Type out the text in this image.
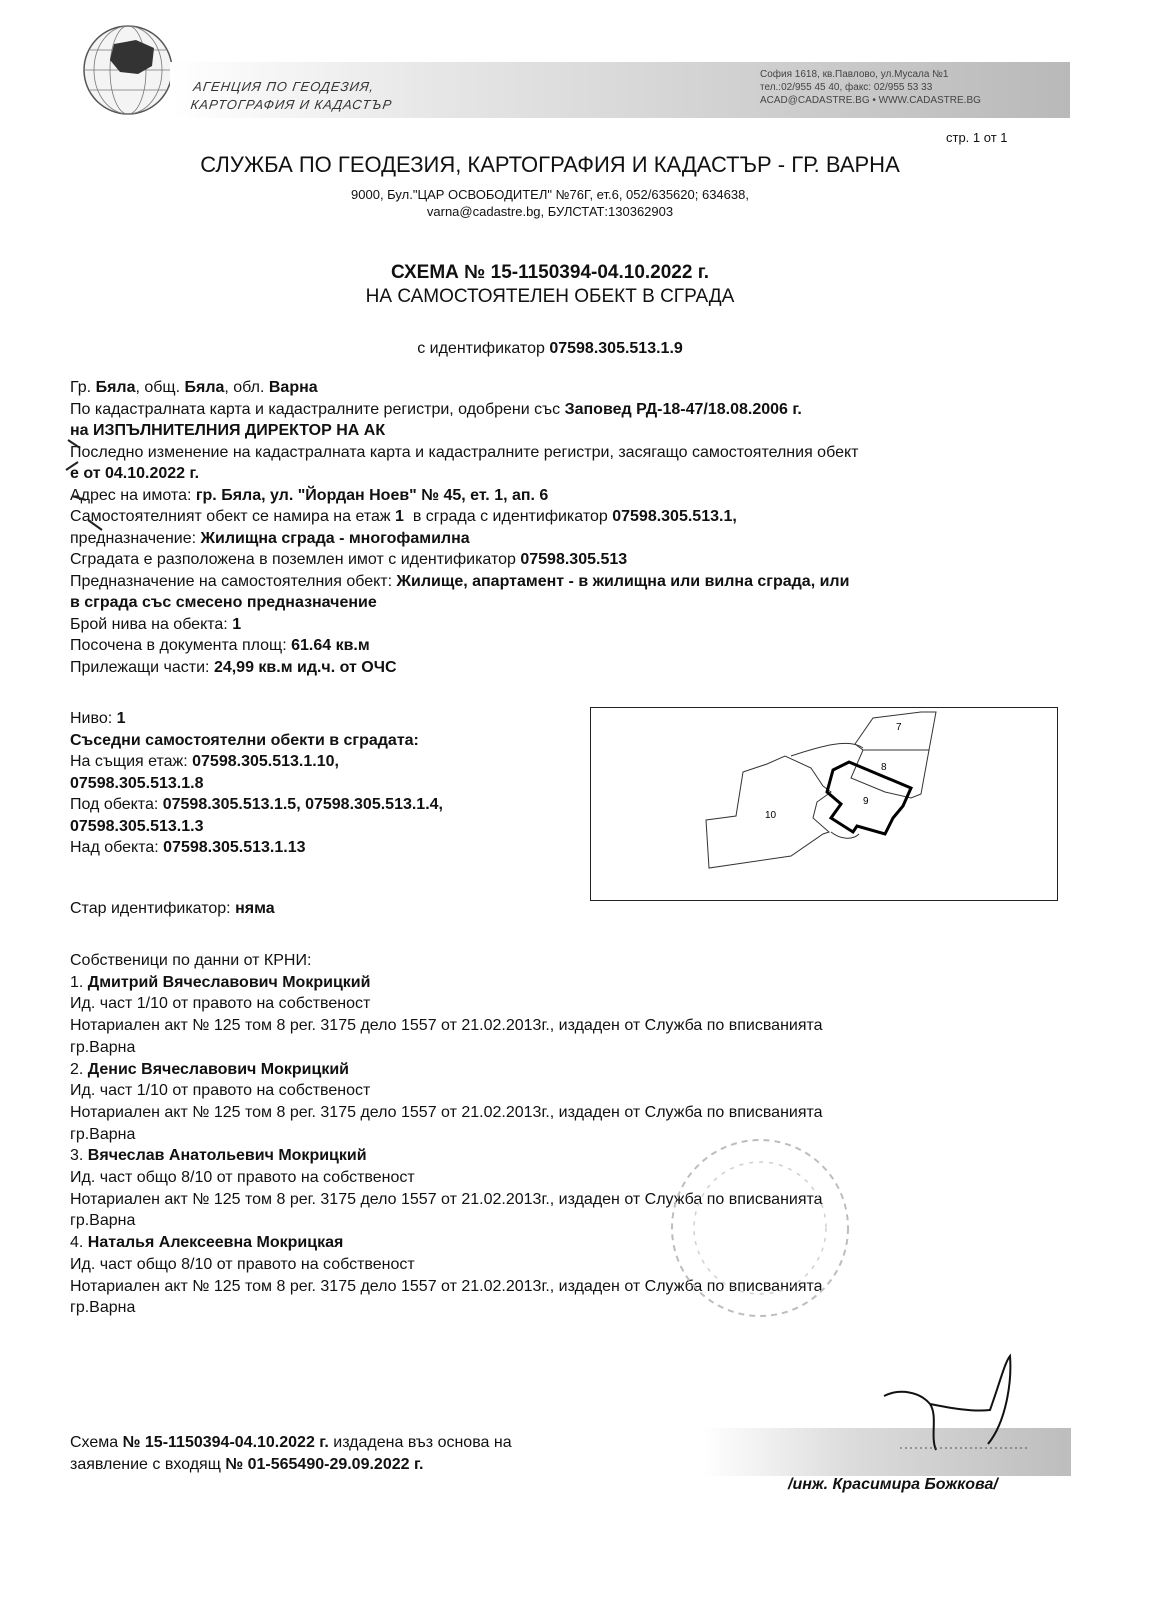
АГЕНЦИЯ ПО ГЕОДЕЗИЯ,
КАРТОГРАФИЯ И КАДАСТЪР
София 1618, кв.Павлово, ул.Мусала №1
тел.:02/955 45 40, факс: 02/955 53 33
ACAD@CADASTRE.BG • WWW.CADASTRE.BG
стр. 1 от 1
СЛУЖБА ПО ГЕОДЕЗИЯ, КАРТОГРАФИЯ И КАДАСТЪР - ГР. ВАРНА
9000, Бул."ЦАР ОСВОБОДИТЕЛ" №76Г, ет.6, 052/635620; 634638,
varna@cadastre.bg, БУЛСТАТ:130362903
СХЕМА № 15-1150394-04.10.2022 г.
НА САМОСТОЯТЕЛЕН ОБЕКТ В СГРАДА
с идентификатор 07598.305.513.1.9
Гр. Бяла, общ. Бяла, обл. Варна
По кадастралната карта и кадастралните регистри, одобрени със Заповед РД-18-47/18.08.2006 г.
на ИЗПЪЛНИТЕЛНИЯ ДИРЕКТОР НА АК
Последно изменение на кадастралната карта и кадастралните регистри, засягащо самостоятелния обект
е от 04.10.2022 г.
Адрес на имота: гр. Бяла, ул. "Йордан Ноев" № 45, ет. 1, ап. 6
Самостоятелният обект се намира на етаж 1 в сграда с идентификатор 07598.305.513.1,
предназначение: Жилищна сграда - многофамилна
Сградата е разположена в поземлен имот с идентификатор 07598.305.513
Предназначение на самостоятелния обект: Жилище, апартамент - в жилищна или вилна сграда, или
в сграда със смесено предназначение
Брой нива на обекта: 1
Посочена в документа площ: 61.64 кв.м
Прилежащи части: 24,99 кв.м ид.ч. от ОЧС
Ниво: 1
Съседни самостоятелни обекти в сградата:
На същия етаж: 07598.305.513.1.10,
07598.305.513.1.8
Под обекта: 07598.305.513.1.5, 07598.305.513.1.4,
07598.305.513.1.3
Над обекта: 07598.305.513.1.13
7
8
9
10
Стар идентификатор: няма
Собственици по данни от КРНИ:
1. Дмитрий Вячеславович Мокрицкий
Ид. част 1/10 от правото на собственост
Нотариален акт № 125 том 8 рег. 3175 дело 1557 от 21.02.2013г., издаден от Служба по вписванията
гр.Варна
2. Денис Вячеславович Мокрицкий
Ид. част 1/10 от правото на собственост
Нотариален акт № 125 том 8 рег. 3175 дело 1557 от 21.02.2013г., издаден от Служба по вписванията
гр.Варна
3. Вячеслав Анатольевич Мокрицкий
Ид. част общо 8/10 от правото на собственост
Нотариален акт № 125 том 8 рег. 3175 дело 1557 от 21.02.2013г., издаден от Служба по вписванията
гр.Варна
4. Наталья Алексеевна Мокрицкая
Ид. част общо 8/10 от правото на собственост
Нотариален акт № 125 том 8 рег. 3175 дело 1557 от 21.02.2013г., издаден от Служба по вписванията
гр.Варна
Схема № 15-1150394-04.10.2022 г. издадена въз основа на
заявление с входящ № 01-565490-29.09.2022 г.
/инж. Красимира Божкова/
